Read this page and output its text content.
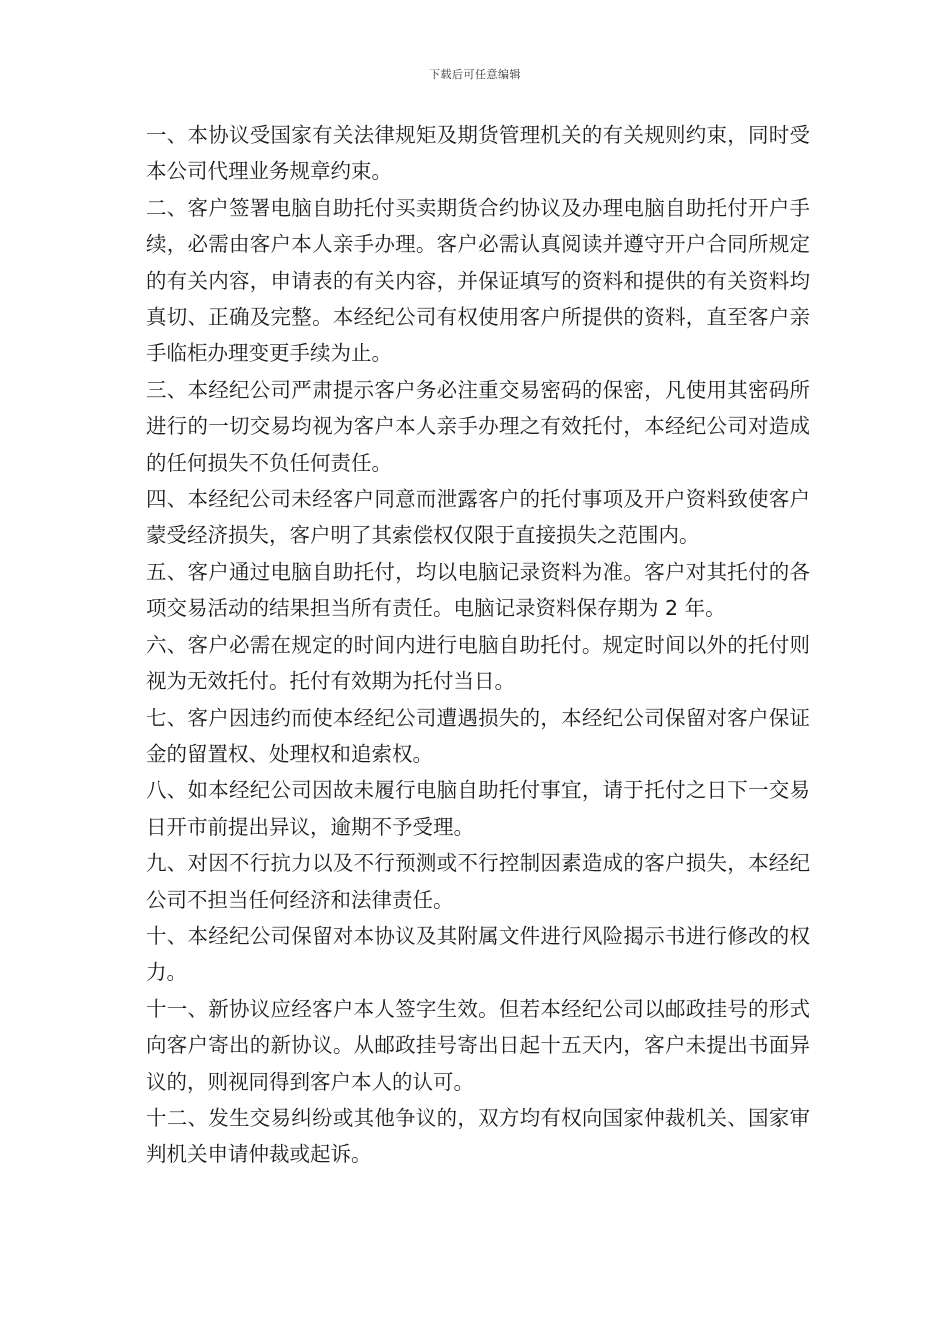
下载后可任意编辑

一、本协议受国家有关法律规矩及期货管理机关的有关规则约束，同时受本公司代理业务规章约束。

二、客户签署电脑自助托付买卖期货合约协议及办理电脑自助托付开户手续，必需由客户本人亲手办理。客户必需认真阅读并遵守开户合同所规定的有关内容，申请表的有关内容，并保证填写的资料和提供的有关资料均真切、正确及完整。本经纪公司有权使用客户所提供的资料，直至客户亲手临柜办理变更手续为止。

三、本经纪公司严肃提示客户务必注重交易密码的保密，凡使用其密码所进行的一切交易均视为客户本人亲手办理之有效托付，本经纪公司对造成的任何损失不负任何责任。

四、本经纪公司未经客户同意而泄露客户的托付事项及开户资料致使客户蒙受经济损失，客户明了其索偿权仅限于直接损失之范围内。

五、客户通过电脑自助托付，均以电脑记录资料为准。客户对其托付的各项交易活动的结果担当所有责任。电脑记录资料保存期为 2 年。

六、客户必需在规定的时间内进行电脑自助托付。规定时间以外的托付则视为无效托付。托付有效期为托付当日。

七、客户因违约而使本经纪公司遭遇损失的，本经纪公司保留对客户保证金的留置权、处理权和追索权。

八、如本经纪公司因故未履行电脑自助托付事宜，请于托付之日下一交易日开市前提出异议，逾期不予受理。

九、对因不行抗力以及不行预测或不行控制因素造成的客户损失，本经纪公司不担当任何经济和法律责任。

十、本经纪公司保留对本协议及其附属文件进行风险揭示书进行修改的权力。

十一、新协议应经客户本人签字生效。但若本经纪公司以邮政挂号的形式向客户寄出的新协议。从邮政挂号寄出日起十五天内，客户未提出书面异议的，则视同得到客户本人的认可。

十二、发生交易纠纷或其他争议的，双方均有权向国家仲裁机关、国家审判机关申请仲裁或起诉。
